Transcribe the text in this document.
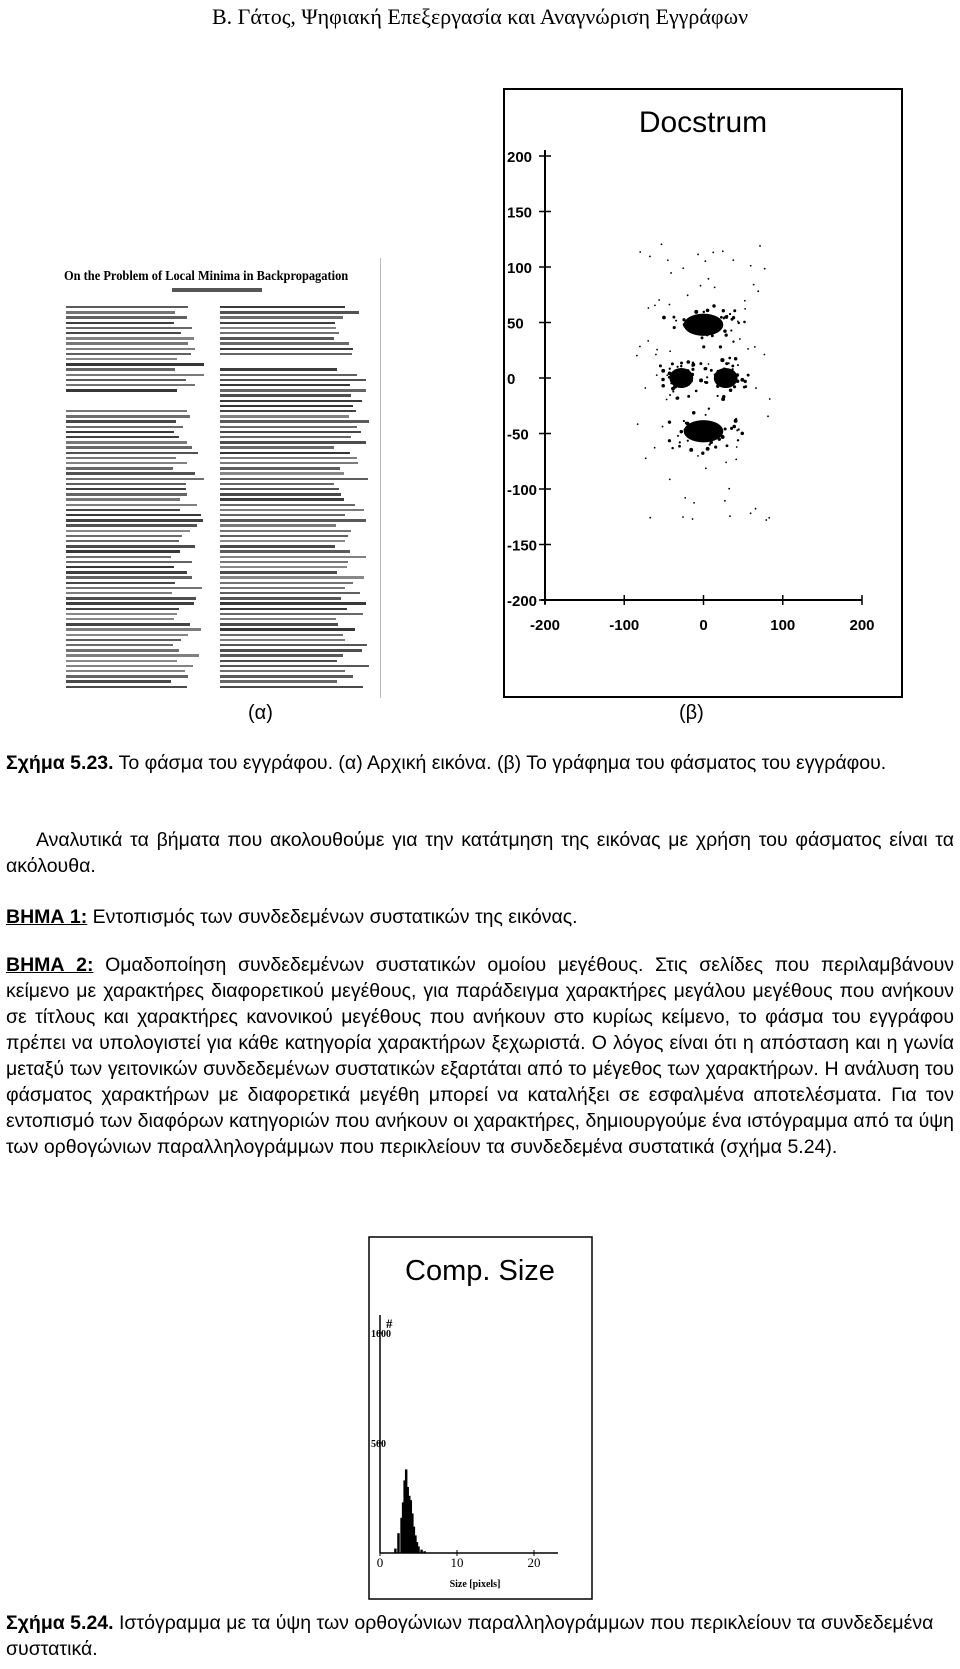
Β. Γάτος, Ψηφιακή Επεξεργασία και Αναγνώριση Εγγράφων
On the Problem of Local Minima in Backpropagation
Docstrum
200
150
100
50
0
-50
-100
-150
-200
-200	-100	0	100	200
(α)	(β)

Σχήμα 5.23. Το φάσμα του εγγράφου. (α) Αρχική εικόνα. (β) Το γράφημα του φάσματος του εγγράφου.

Αναλυτικά τα βήματα που ακολουθούμε για την κατάτμηση της εικόνας με χρήση του φάσματος είναι τα ακόλουθα.

ΒΗΜΑ 1: Εντοπισμός των συνδεδεμένων συστατικών της εικόνας.

ΒΗΜΑ 2: Ομαδοποίηση συνδεδεμένων συστατικών ομοίου μεγέθους. Στις σελίδες που περιλαμβάνουν κείμενο με χαρακτήρες διαφορετικού μεγέθους, για παράδειγμα χαρακτήρες μεγάλου μεγέθους που ανήκουν σε τίτλους και χαρακτήρες κανονικού μεγέθους που ανήκουν στο κυρίως κείμενο, το φάσμα του εγγράφου πρέπει να υπολογιστεί για κάθε κατηγορία χαρακτήρων ξεχωριστά. Ο λόγος είναι ότι η απόσταση και η γωνία μεταξύ των γειτονικών συνδεδεμένων συστατικών εξαρτάται από το μέγεθος των χαρακτήρων. Η ανάλυση του φάσματος χαρακτήρων με διαφορετικά μεγέθη μπορεί να καταλήξει σε εσφαλμένα αποτελέσματα. Για τον εντοπισμό των διαφόρων κατηγοριών που ανήκουν οι χαρακτήρες, δημιουργούμε ένα ιστόγραμμα από τα ύψη των ορθογώνιων παραλληλογράμμων που περικλείουν τα συνδεδεμένα συστατικά (σχήμα 5.24).

Comp. Size
#
Size [pixels]
1000
500
0	10	20

Σχήμα 5.24. Ιστόγραμμα με τα ύψη των ορθογώνιων παραλληλογράμμων που περικλείουν τα συνδεδεμένα συστατικά.
